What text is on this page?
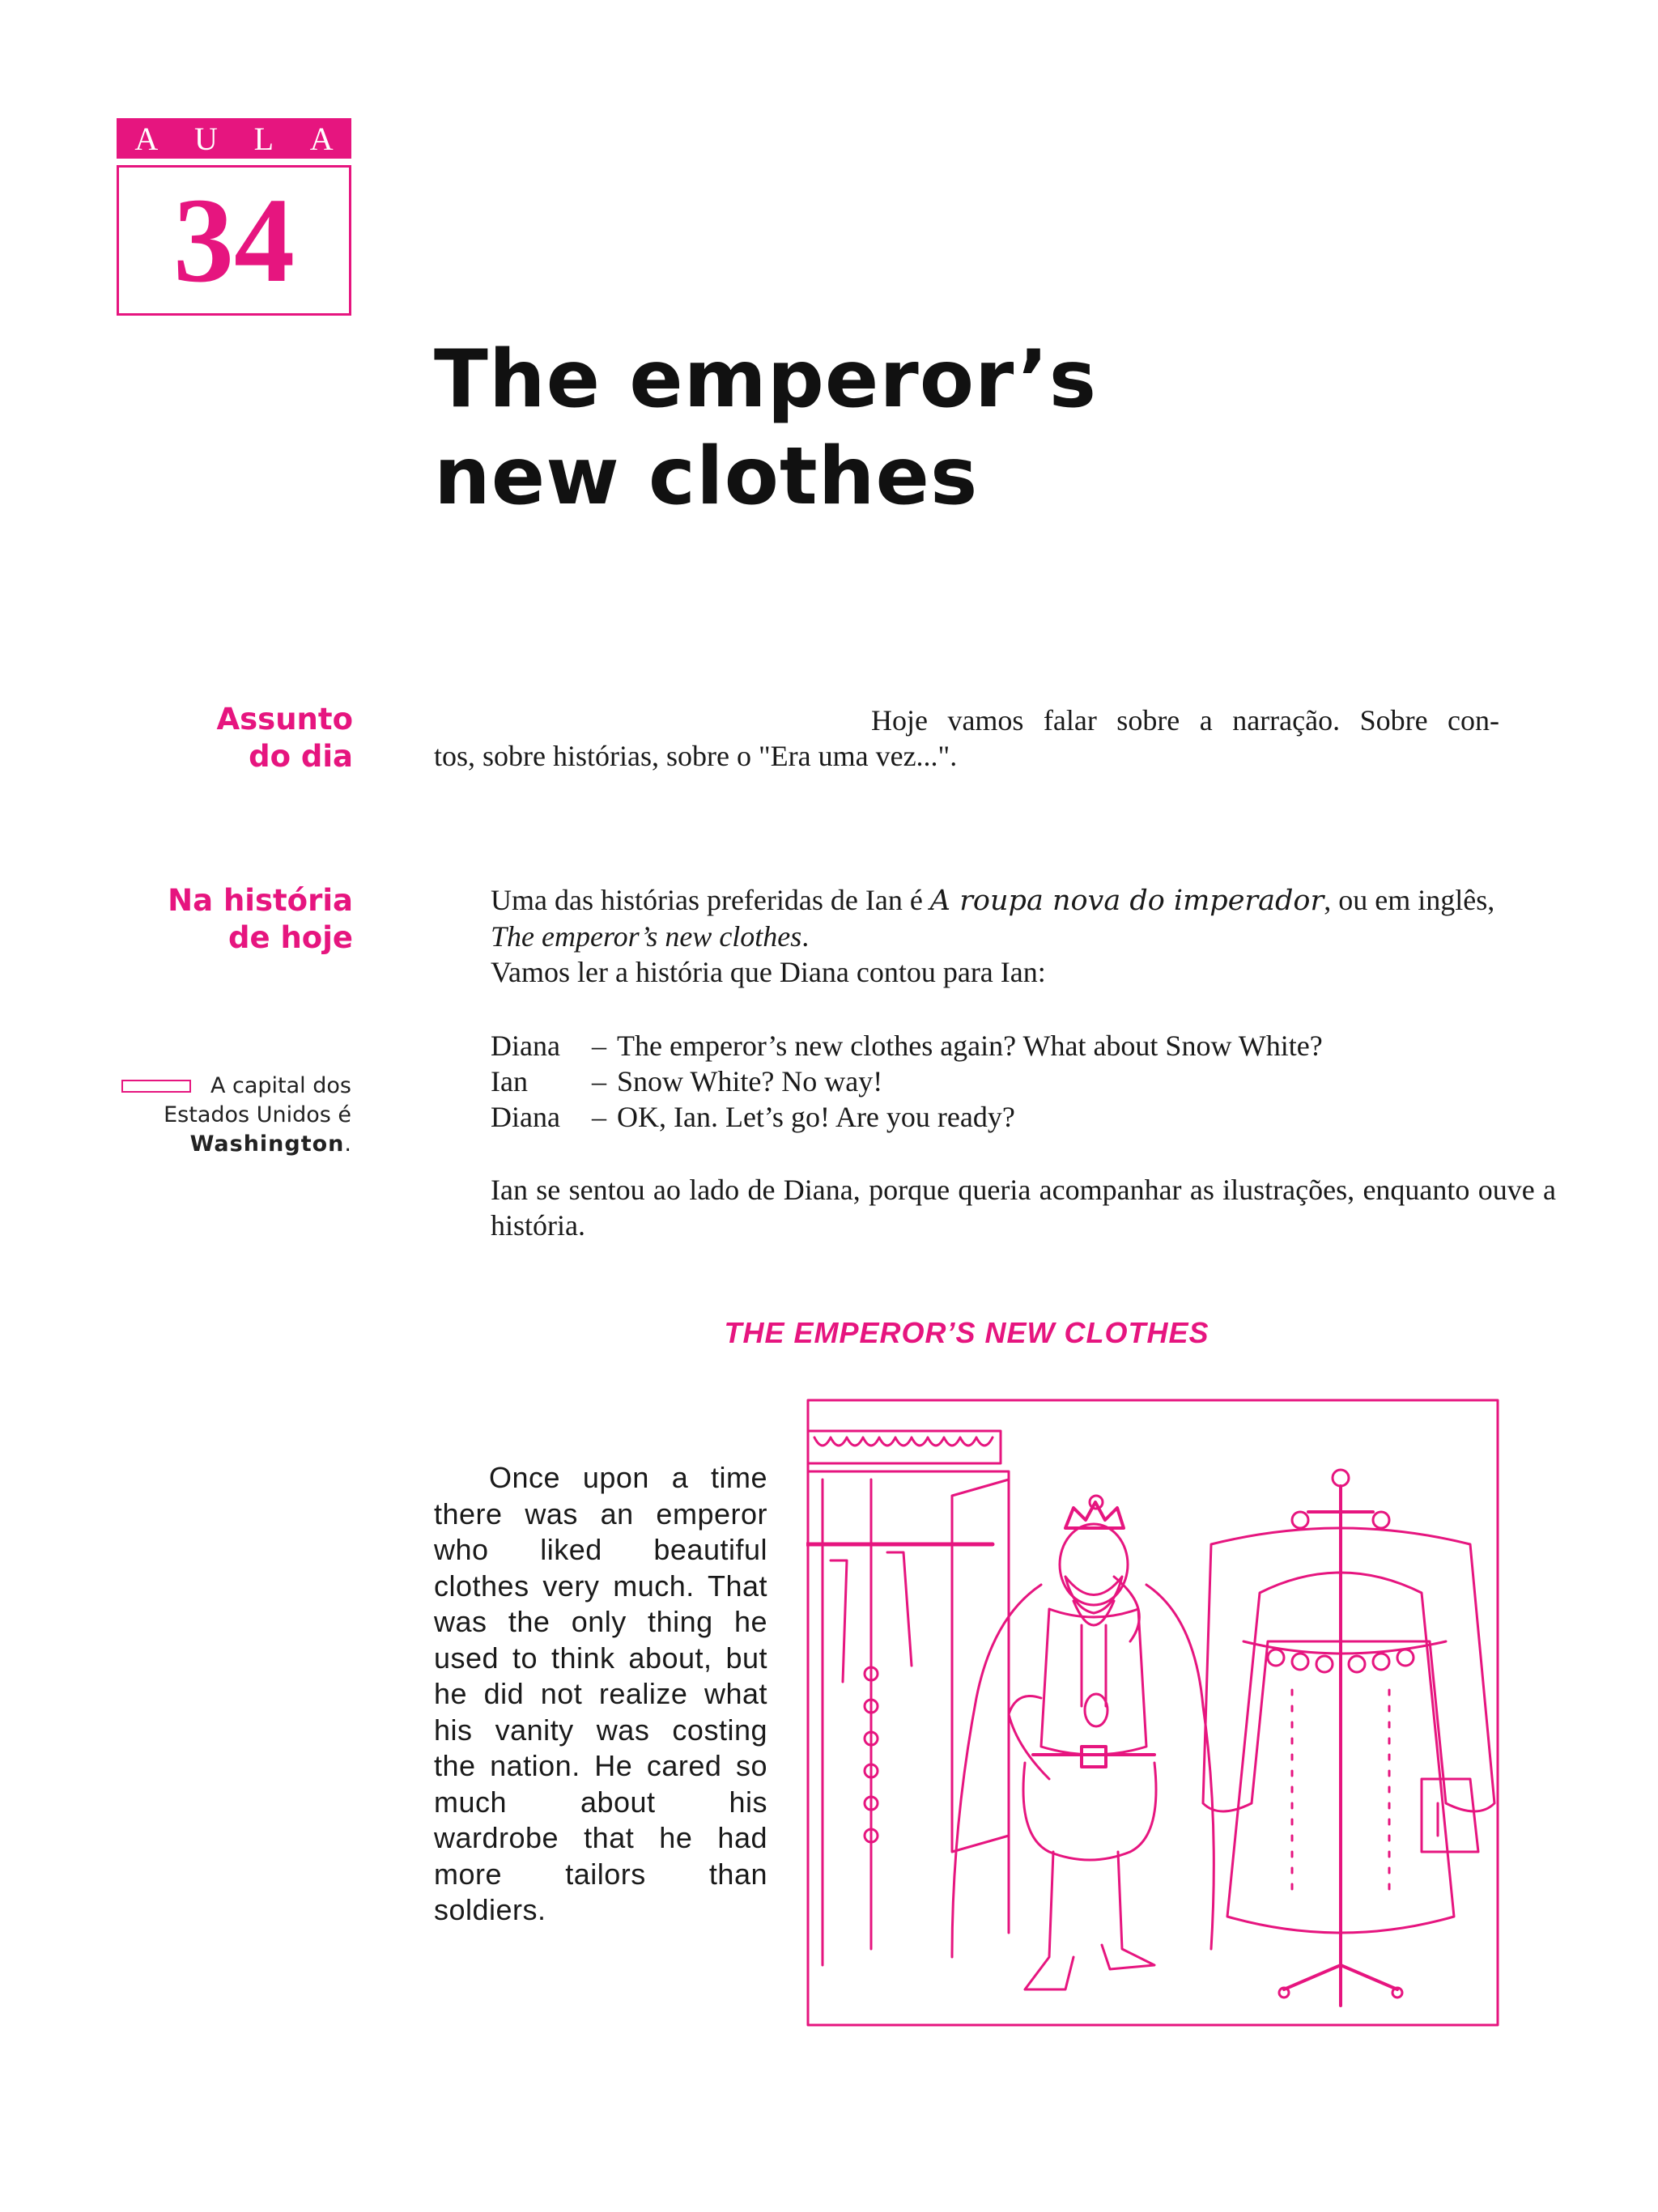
A U L A
34
The emperor’s
new clothes
Assunto
do dia
Na história
de hoje
A capital dos
Estados Unidos é
Washington.
Hoje vamos falar sobre a narração. Sobre con-
tos, sobre histórias, sobre o "Era uma vez...".

Uma das histórias preferidas de Ian é A roupa nova do imperador, ou em inglês, The emperor’s new clothes.

Vamos ler a história que Diana contou para Ian:

Diana	– The emperor’s new clothes again? What about Snow White?
Ian	– Snow White? No way!
Diana	– OK, Ian. Let’s go! Are you ready?

Ian se sentou ao lado de Diana, porque queria acompanhar as ilustrações, enquanto ouve a história.

THE EMPEROR’S NEW CLOTHES
Once upon a time there was an emperor who liked beautiful clothes very much. That was the only thing he used to think about, but he did not realize what his vanity was costing the nation. He cared so much about his wardrobe that he had more tailors than soldiers.
